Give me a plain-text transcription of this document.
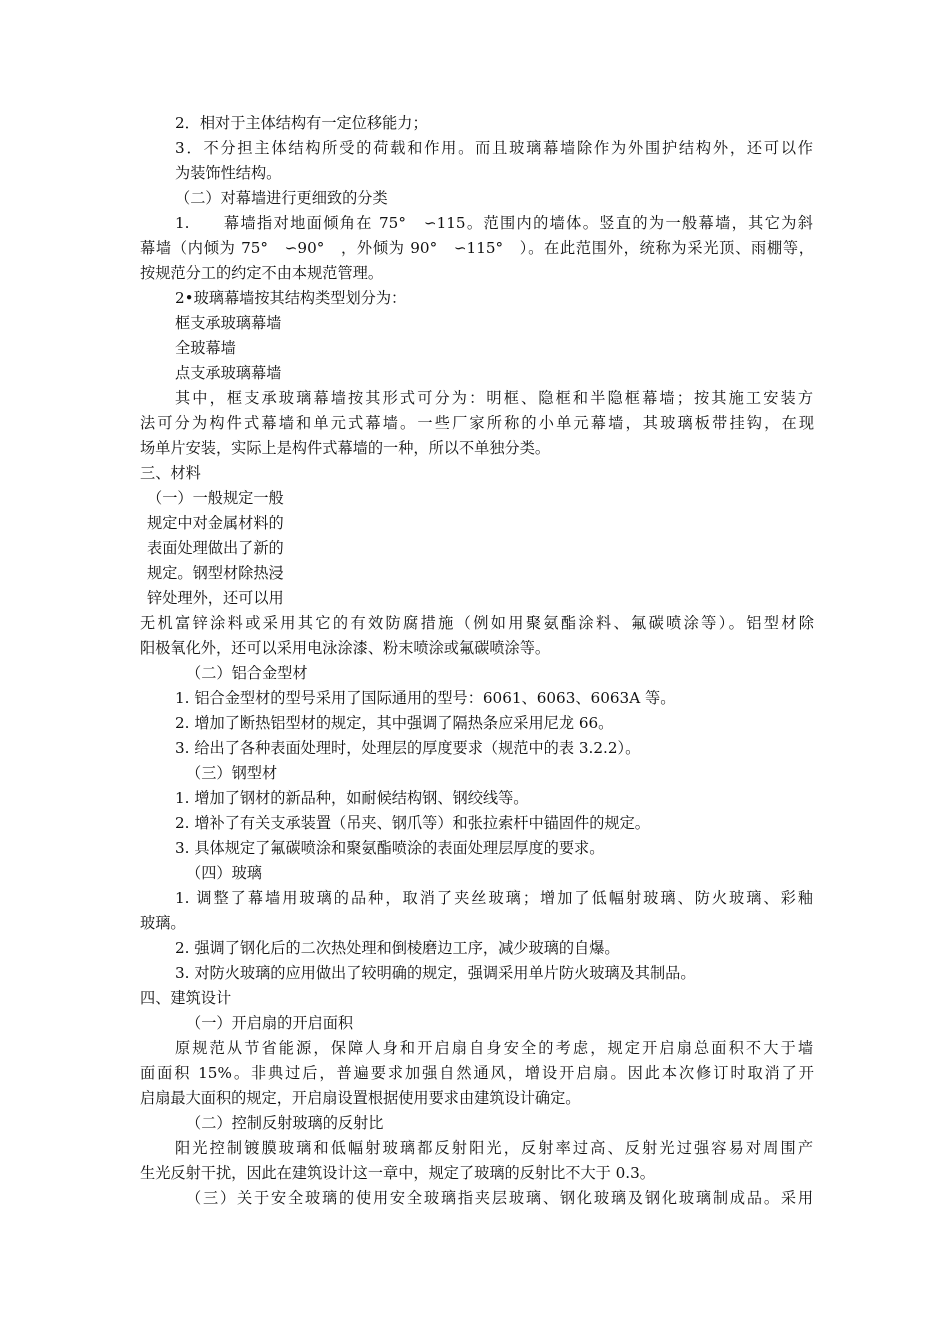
2．相对于主体结构有一定位移能力；
3．不分担主体结构所受的荷载和作用。而且玻璃幕墙除作为外围护结构外，还可以作
为装饰性结构。
（二）对幕墙进行更细致的分类
1.　　幕墙指对地面倾角在 75°　∽115。范围内的墙体。竖直的为一般幕墙，其它为斜
幕墙（内倾为 75°　∽90°　，外倾为 90°　∽115°　）。在此范围外，统称为采光顶、雨棚等，
按规范分工的约定不由本规范管理。
2•玻璃幕墙按其结构类型划分为：
框支承玻璃幕墙
全玻幕墙
点支承玻璃幕墙
其中，框支承玻璃幕墙按其形式可分为：明框、隐框和半隐框幕墙；按其施工安装方
法可分为构件式幕墙和单元式幕墙。一些厂家所称的小单元幕墙，其玻璃板带挂钩，在现
场单片安装，实际上是构件式幕墙的一种，所以不单独分类。
三、材料
（一）一般规定一般
规定中对金属材料的
表面处理做出了新的
规定。钢型材除热浸
锌处理外，还可以用
无机富锌涂料或采用其它的有效防腐措施（例如用聚氨酯涂料、氟碳喷涂等）。铝型材除
阳极氧化外，还可以采用电泳涂漆、粉末喷涂或氟碳喷涂等。
（二）铝合金型材
1. 铝合金型材的型号采用了国际通用的型号：6061、6063、6063A 等。
2. 增加了断热铝型材的规定，其中强调了隔热条应采用尼龙 66。
3. 给出了各种表面处理时，处理层的厚度要求（规范中的表 3.2.2）。
（三）钢型材
1. 增加了钢材的新品种，如耐候结构钢、钢绞线等。
2. 增补了有关支承装置（吊夹、钢爪等）和张拉索杆中锚固件的规定。
3. 具体规定了氟碳喷涂和聚氨酯喷涂的表面处理层厚度的要求。
（四）玻璃
1. 调整了幕墙用玻璃的品种，取消了夹丝玻璃；增加了低幅射玻璃、防火玻璃、彩釉
玻璃。
2. 强调了钢化后的二次热处理和倒棱磨边工序，减少玻璃的自爆。
3. 对防火玻璃的应用做出了较明确的规定，强调采用单片防火玻璃及其制品。
四、建筑设计
（一）开启扇的开启面积
原规范从节省能源，保障人身和开启扇自身安全的考虑，规定开启扇总面积不大于墙
面面积 15%。非典过后，普遍要求加强自然通风，增设开启扇。因此本次修订时取消了开
启扇最大面积的规定，开启扇设置根据使用要求由建筑设计确定。
（二）控制反射玻璃的反射比
阳光控制镀膜玻璃和低幅射玻璃都反射阳光，反射率过高、反射光过强容易对周围产
生光反射干扰，因此在建筑设计这一章中，规定了玻璃的反射比不大于 0.3。
（三）关于安全玻璃的使用安全玻璃指夹层玻璃、钢化玻璃及钢化玻璃制成品。采用
